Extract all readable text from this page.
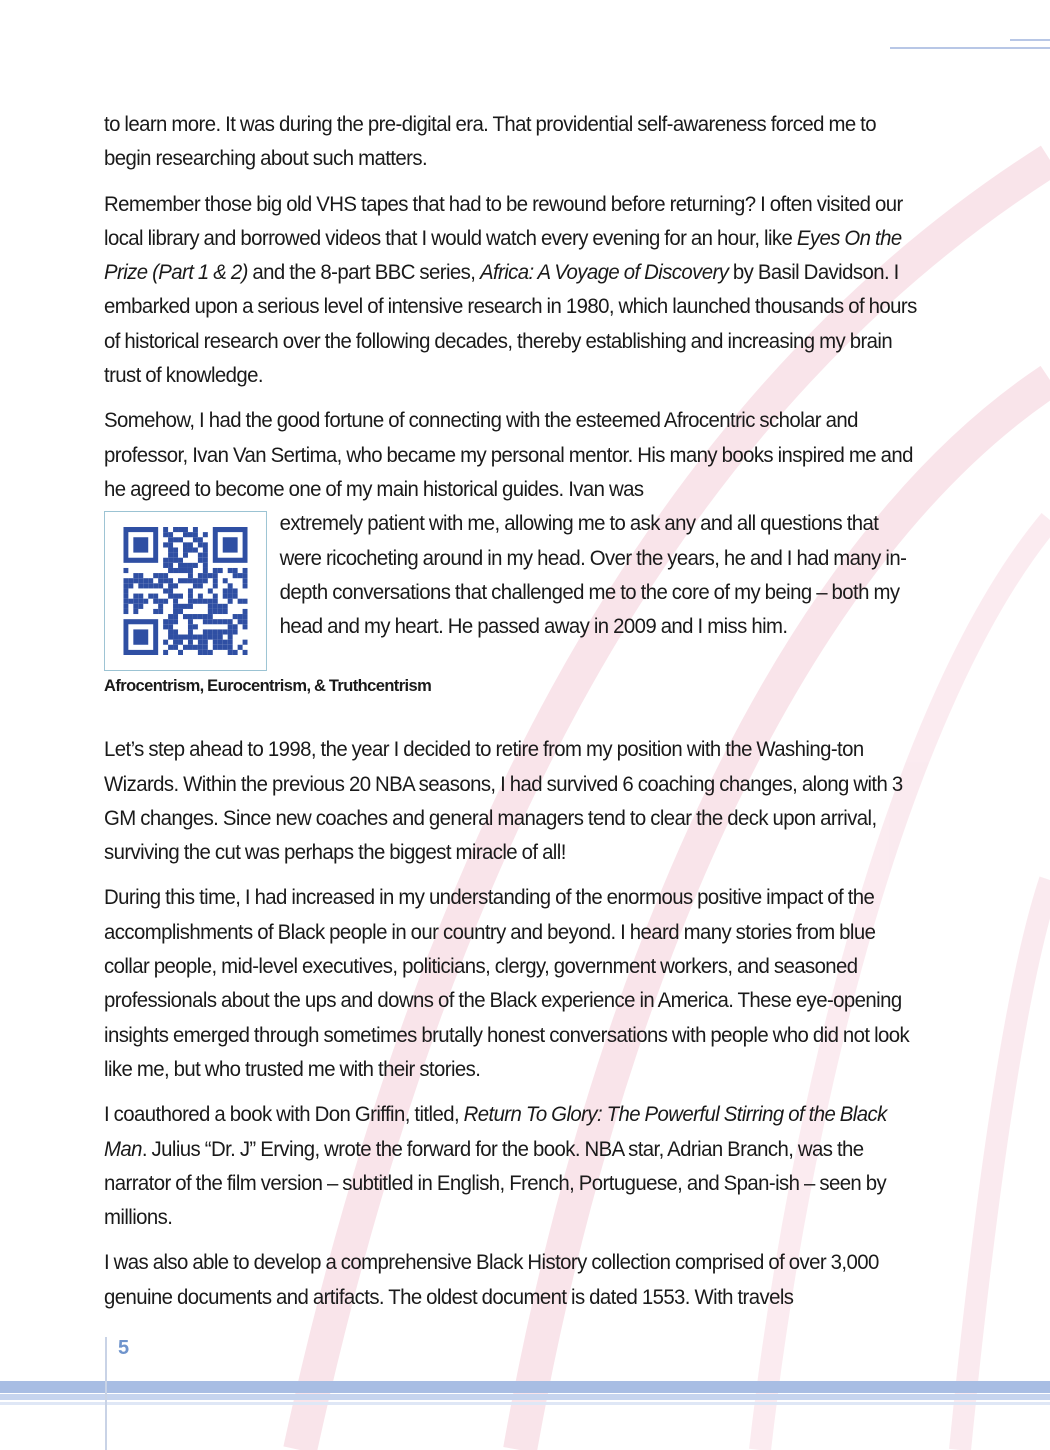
to learn more. It was during the pre-digital era. That providential self-awareness forced me to begin researching about such matters.

Remember those big old VHS tapes that had to be rewound before returning? I often visited our local library and borrowed videos that I would watch every evening for an hour, like Eyes On the Prize (Part 1 & 2) and the 8-part BBC series, Africa: A Voyage of Discovery by Basil Davidson. I embarked upon a serious level of intensive research in 1980, which launched thousands of hours of historical research over the following decades, thereby establishing and increasing my brain trust of knowledge.

Somehow, I had the good fortune of connecting with the esteemed Afrocentric scholar and professor, Ivan Van Sertima, who became my personal mentor. His many books inspired me and he agreed to become one of my main historical guides. Ivan was

extremely patient with me, allowing me to ask any and all questions that were ricocheting around in my head. Over the years, he and I had many in-depth conversations that challenged me to the core of my being – both my head and my heart. He passed away in 2009 and I miss him.

Afrocentrism, Eurocentrism, & Truthcentrism

Let’s step ahead to 1998, the year I decided to retire from my position with the Washing-ton Wizards. Within the previous 20 NBA seasons, I had survived 6 coaching changes, along with 3 GM changes. Since new coaches and general managers tend to clear the deck upon arrival, surviving the cut was perhaps the biggest miracle of all!

During this time, I had increased in my understanding of the enormous positive impact of the accomplishments of Black people in our country and beyond. I heard many stories from blue collar people, mid-level executives, politicians, clergy, government workers, and seasoned professionals about the ups and downs of the Black experience in America. These eye-opening insights emerged through sometimes brutally honest conversations with people who did not look like me, but who trusted me with their stories.

I coauthored a book with Don Griffin, titled, Return To Glory: The Powerful Stirring of the Black Man. Julius “Dr. J” Erving, wrote the forward for the book. NBA star, Adrian Branch, was the narrator of the film version – subtitled in English, French, Portuguese, and Span-ish – seen by millions.

I was also able to develop a comprehensive Black History collection comprised of over 3,000 genuine documents and artifacts. The oldest document is dated 1553. With travels

5
